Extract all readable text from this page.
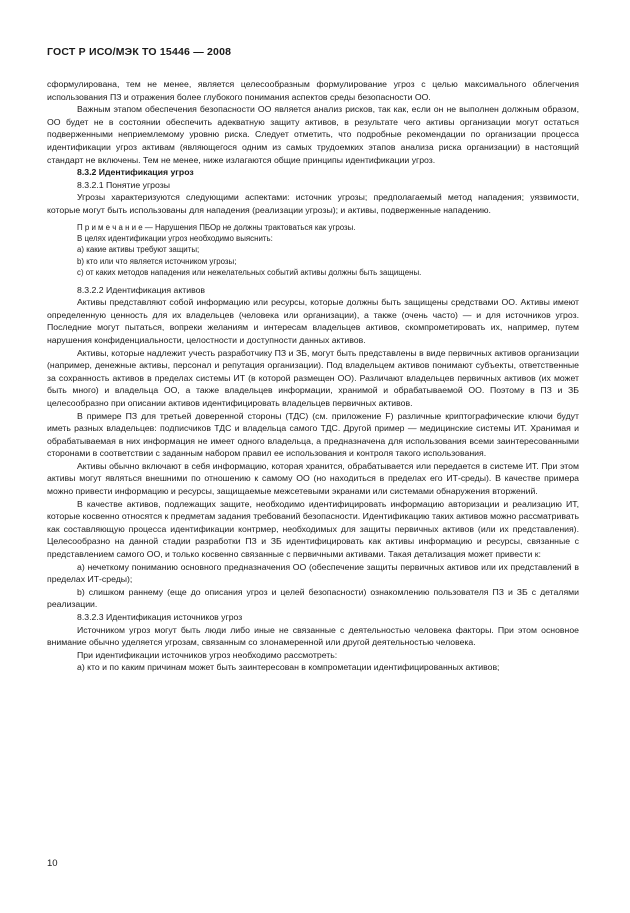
ГОСТ Р ИСО/МЭК ТО 15446 — 2008

сформулирована, тем не менее, является целесообразным формулирование угроз с целью максимального облегчения использования ПЗ и отражения более глубокого понимания аспектов среды безопасности ОО.

Важным этапом обеспечения безопасности ОО является анализ рисков, так как, если он не выполнен должным образом, ОО будет не в состоянии обеспечить адекватную защиту активов, в результате чего активы организации могут остаться подверженными неприемлемому уровню риска. Следует отметить, что подробные рекомендации по организации процесса идентификации угроз активам (являющегося одним из самых трудоемких этапов анализа риска организации) в настоящий стандарт не включены. Тем не менее, ниже излагаются общие принципы идентификации угроз.

8.3.2 Идентификация угроз

8.3.2.1 Понятие угрозы

Угрозы характеризуются следующими аспектами: источник угрозы; предполагаемый метод нападения; уязвимости, которые могут быть использованы для нападения (реализации угрозы); и активы, подверженные нападению.

П р и м е ч а н и е — Нарушения ПБОр не должны трактоваться как угрозы.

В целях идентификации угроз необходимо выяснить:

а) какие активы требуют защиты;

b) кто или что является источником угрозы;

с) от каких методов нападения или нежелательных событий активы должны быть защищены.

8.3.2.2 Идентификация активов

Активы представляют собой информацию или ресурсы, которые должны быть защищены средствами ОО. Активы имеют определенную ценность для их владельцев (человека или организации), а также (очень часто) — и для источников угроз. Последние могут пытаться, вопреки желаниям и интересам владельцев активов, скомпрометировать их, например, путем нарушения конфиденциальности, целостности и доступности данных активов.

Активы, которые надлежит учесть разработчику ПЗ и ЗБ, могут быть представлены в виде первичных активов организации (например, денежные активы, персонал и репутация организации). Под владельцем активов понимают субъекты, ответственные за сохранность активов в пределах системы ИТ (в которой размещен ОО). Различают владельцев первичных активов (их может быть много) и владельца ОО, а также владельцев информации, хранимой и обрабатываемой ОО. Поэтому в ПЗ и ЗБ целесообразно при описании активов идентифицировать владельцев первичных активов.

В примере ПЗ для третьей доверенной стороны (ТДС) (см. приложение F) различные криптографические ключи будут иметь разных владельцев: подписчиков ТДС и владельца самого ТДС. Другой пример — медицинские системы ИТ. Хранимая и обрабатываемая в них информация не имеет одного владельца, а предназначена для использования всеми заинтересованными сторонами в соответствии с заданным набором правил ее использования и контроля такого использования.

Активы обычно включают в себя информацию, которая хранится, обрабатывается или передается в системе ИТ. При этом активы могут являться внешними по отношению к самому ОО (но находиться в пределах его ИТ-среды). В качестве примера можно привести информацию и ресурсы, защищаемые межсетевыми экранами или системами обнаружения вторжений.

В качестве активов, подлежащих защите, необходимо идентифицировать информацию авторизации и реализацию ИТ, которые косвенно относятся к предметам задания требований безопасности. Идентификацию таких активов можно рассматривать как составляющую процесса идентификации контрмер, необходимых для защиты первичных активов (или их представления). Целесообразно на данной стадии разработки ПЗ и ЗБ идентифицировать как активы информацию и ресурсы, связанные с представлением самого ОО, и только косвенно связанные с первичными активами. Такая детализация может привести к:

а) нечеткому пониманию основного предназначения ОО (обеспечение защиты первичных активов или их представлений в пределах ИТ-среды);

b) слишком раннему (еще до описания угроз и целей безопасности) ознакомлению пользователя ПЗ и ЗБ с деталями реализации.

8.3.2.3 Идентификация источников угроз

Источником угроз могут быть люди либо иные не связанные с деятельностью человека факторы. При этом основное внимание обычно уделяется угрозам, связанным со злонамеренной или другой деятельностью человека.

При идентификации источников угроз необходимо рассмотреть:

а) кто и по каким причинам может быть заинтересован в компрометации идентифицированных активов;

10
